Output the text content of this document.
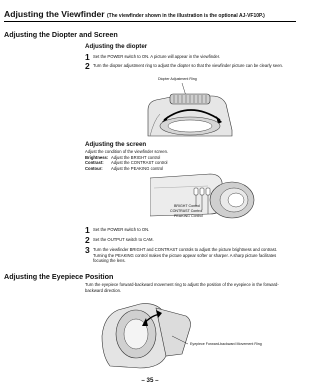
Adjusting the Viewfinder (The viewfinder shown in the illustration is the optional AJ-VF10P.)
Adjusting the Diopter and Screen
Adjusting the diopter
1 Set the POWER switch to ON. A picture will appear in the viewfinder.
2 Turn the diopter adjustment ring to adjust the diopter so that the viewfinder picture can be clearly seen.
Diopter Adjustment Ring
Adjusting the screen
Adjust the condition of the viewfinder screen.
Brightness: Adjust the BRIGHT control
Contrast:	Adjust the CONTRAST control
Contour:	Adjust the PEAKING control
BRIGHT Control
CONTRAST Control
PEAKING Control
1 Set the POWER switch to ON.
2 Set the OUTPUT switch to CAM.
3 Turn the viewfinder BRIGHT and CONTRAST controls to adjust the picture brightness and contrast. Turning the PEAKING control makes the picture appear softer or sharper. A sharp picture facilitates focusing the lens.
Adjusting the Eyepiece Position
Turn the eyepiece forward-backward movement ring to adjust the position of the eyepiece in the forward-backward direction.
Eyepiece Forward-backward Movement Ring
– 35 –
